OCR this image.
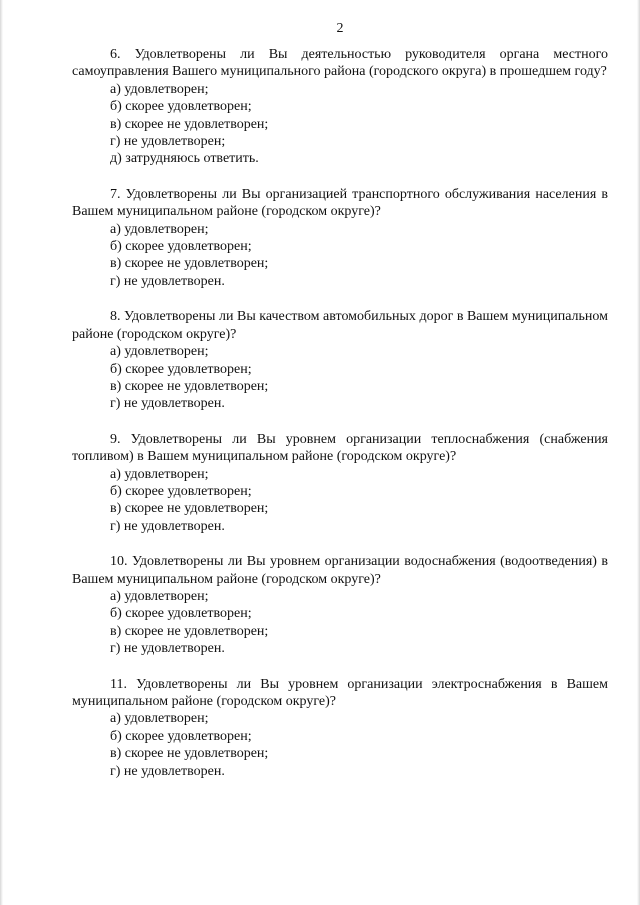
2

6. Удовлетворены ли Вы деятельностью руководителя органа местного самоуправления Вашего муниципального района (городского округа) в прошедшем году?

а) удовлетворен;

б) скорее удовлетворен;

в) скорее не удовлетворен;

г) не удовлетворен;

д) затрудняюсь ответить.

7. Удовлетворены ли Вы организацией транспортного обслуживания населения в Вашем муниципальном районе (городском округе)?

а) удовлетворен;

б) скорее удовлетворен;

в) скорее не удовлетворен;

г) не удовлетворен.

8. Удовлетворены ли Вы качеством автомобильных дорог в Вашем муниципальном районе (городском округе)?

а) удовлетворен;

б) скорее удовлетворен;

в) скорее не удовлетворен;

г) не удовлетворен.

9. Удовлетворены ли Вы уровнем организации теплоснабжения (снабжения топливом) в Вашем муниципальном районе (городском округе)?

а) удовлетворен;

б) скорее удовлетворен;

в) скорее не удовлетворен;

г) не удовлетворен.

10. Удовлетворены ли Вы уровнем организации водоснабжения (водоотведения) в Вашем муниципальном районе (городском округе)?

а) удовлетворен;

б) скорее удовлетворен;

в) скорее не удовлетворен;

г) не удовлетворен.

11. Удовлетворены ли Вы уровнем организации электроснабжения в Вашем муниципальном районе (городском округе)?

а) удовлетворен;

б) скорее удовлетворен;

в) скорее не удовлетворен;

г) не удовлетворен.
